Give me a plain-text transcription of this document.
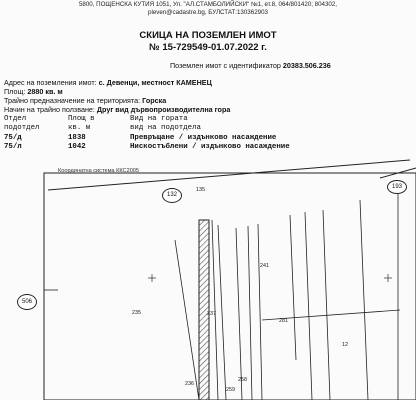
5800, ПОЩЕНСКА КУТИЯ 1051, Ул. "АЛ.СТАМБОЛИЙСКИ" №1, ет.8, 064/801420; 804302,
pleven@cadastre.bg, БУЛСТАТ:130362903
СКИЦА НА ПОЗЕМЛЕН ИМОТ
№ 15-729549-01.07.2022 г.
Поземлен имот с идентификатор 20383.506.236
Адрес на поземления имот: с. Девенци, местност КАМЕНЕЦ
Площ: 2880 кв. м
Трайно предназначение на територията: Горска
Начин на трайно ползване: Друг вид дървопроизводителна гора
Отдел	Площ в	Вид на гората
подотдел	кв. м	вид на подотдела
75/д	1838	Превръщане / издънково насаждение
75/л	1042	Нискостъблени / издънково насаждение
Координатна система ККС2005
132
193
506
135
241
235	237
281
12
236
259
258
